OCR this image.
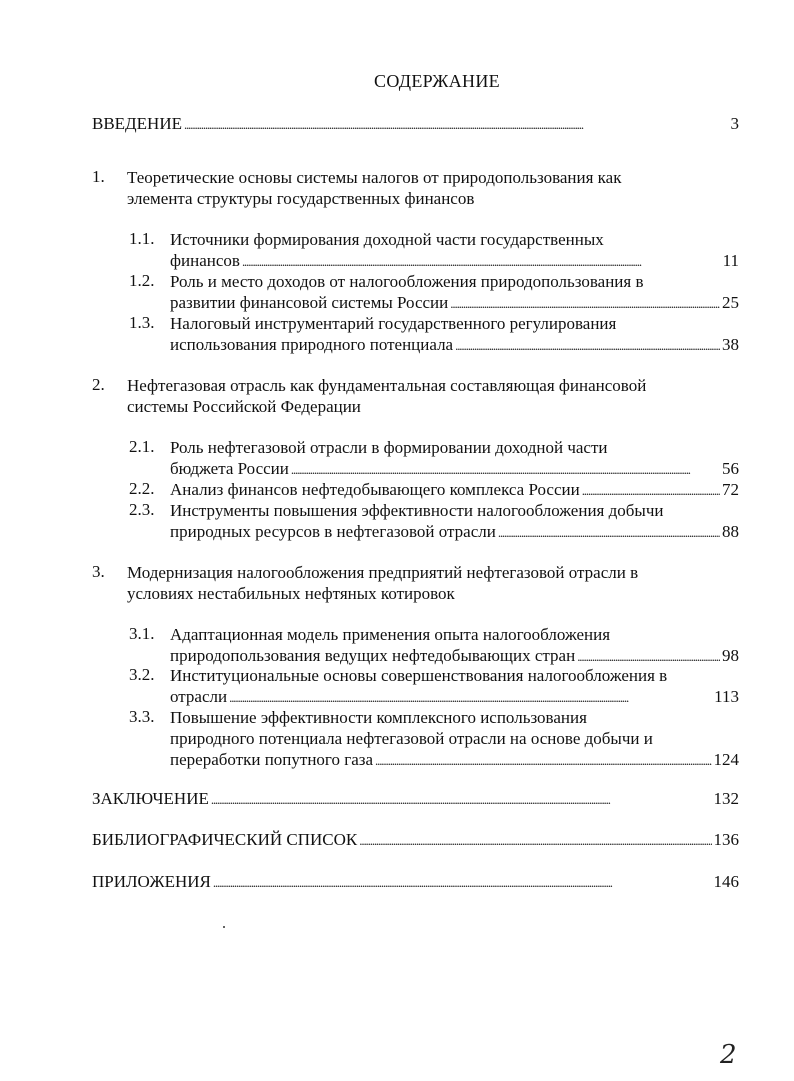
СОДЕРЖАНИЕ
ВВЕДЕНИЕ . . .	3
1. Теоретические основы системы налогов от природопользования как
элемента структуры государственных финансов
1.1. Источники формирования доходной части государственных
финансов . . .	11
1.2. Роль и место доходов от налогообложения природопользования в
развитии финансовой системы России . . .	25
1.3. Налоговый инструментарий государственного регулирования
использования природного потенциала . . .	38
2. Нефтегазовая отрасль как фундаментальная составляющая финансовой
системы Российской Федерации
2.1. Роль нефтегазовой отрасли в формировании доходной части
бюджета России . . .	56
2.2. Анализ финансов нефтедобывающего комплекса России . . .	72
2.3. Инструменты повышения эффективности налогообложения добычи
природных ресурсов в нефтегазовой отрасли . . .	88
3. Модернизация налогообложения предприятий нефтегазовой отрасли в
условиях нестабильных нефтяных котировок
3.1. Адаптационная модель применения опыта налогообложения
природопользования ведущих нефтедобывающих стран . . .	98
3.2. Институциональные основы совершенствования налогообложения в
отрасли . . .	113
3.3. Повышение эффективности комплексного использования
природного потенциала нефтегазовой отрасли на основе добычи и
переработки попутного газа . . .	124
ЗАКЛЮЧЕНИЕ . . .	132
БИБЛИОГРАФИЧЕСКИЙ СПИСОК . . .	136
ПРИЛОЖЕНИЯ . . .	146
2
